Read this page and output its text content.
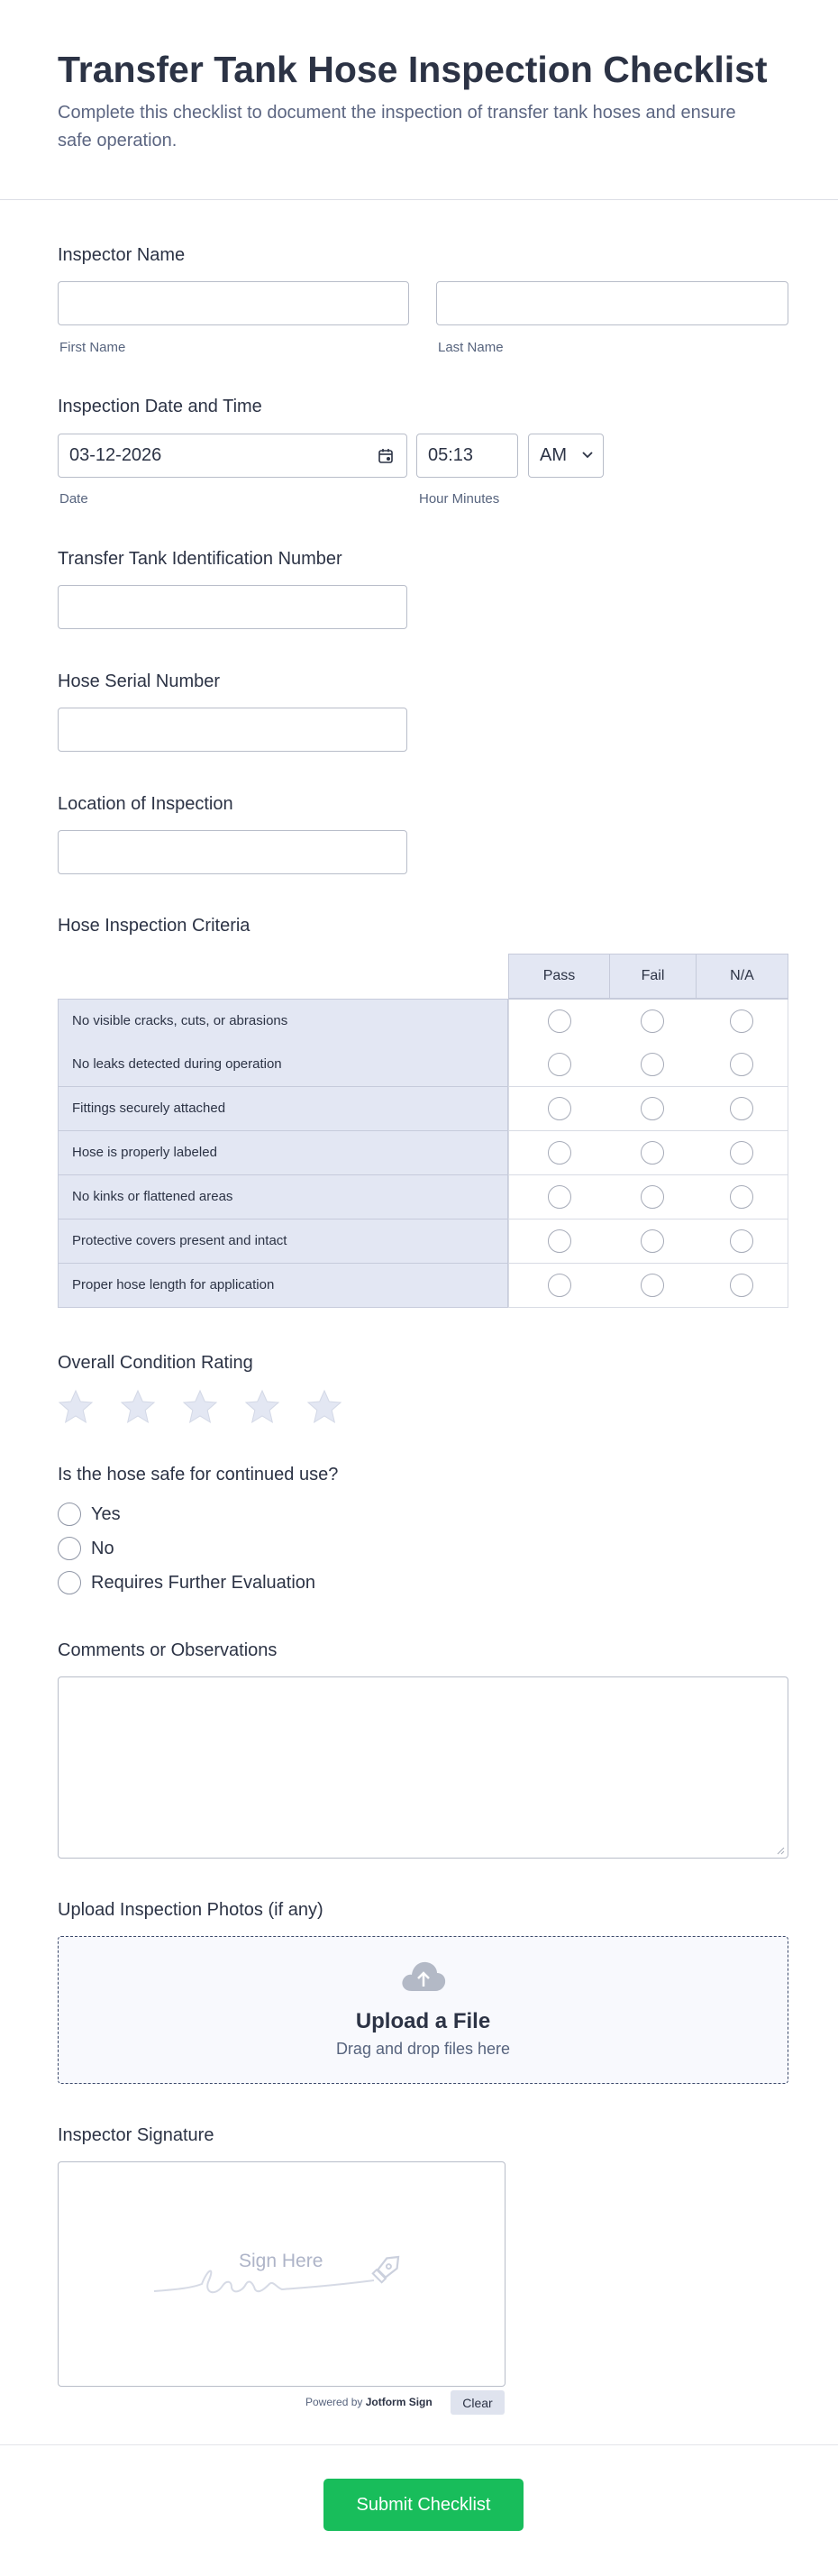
Transfer Tank Hose Inspection Checklist

Complete this checklist to document the inspection of transfer tank hoses and ensure safe operation.

Inspector Name
First Name	Last Name
Inspection Date and Time
03-12-2026
Date
05:13
Hour Minutes
AM
Transfer Tank Identification Number
Hose Serial Number
Location of Inspection
Hose Inspection Criteria
Pass	Fail	N/A
No visible cracks, cuts, or abrasions
No leaks detected during operation
Fittings securely attached
Hose is properly labeled
No kinks or flattened areas
Protective covers present and intact
Proper hose length for application
Overall Condition Rating
Is the hose safe for continued use?
Yes
No
Requires Further Evaluation
Comments or Observations
Upload Inspection Photos (if any)
Upload a File
Drag and drop files here
Inspector Signature
Sign Here
Powered by Jotform Sign	Clear
Submit Checklist
